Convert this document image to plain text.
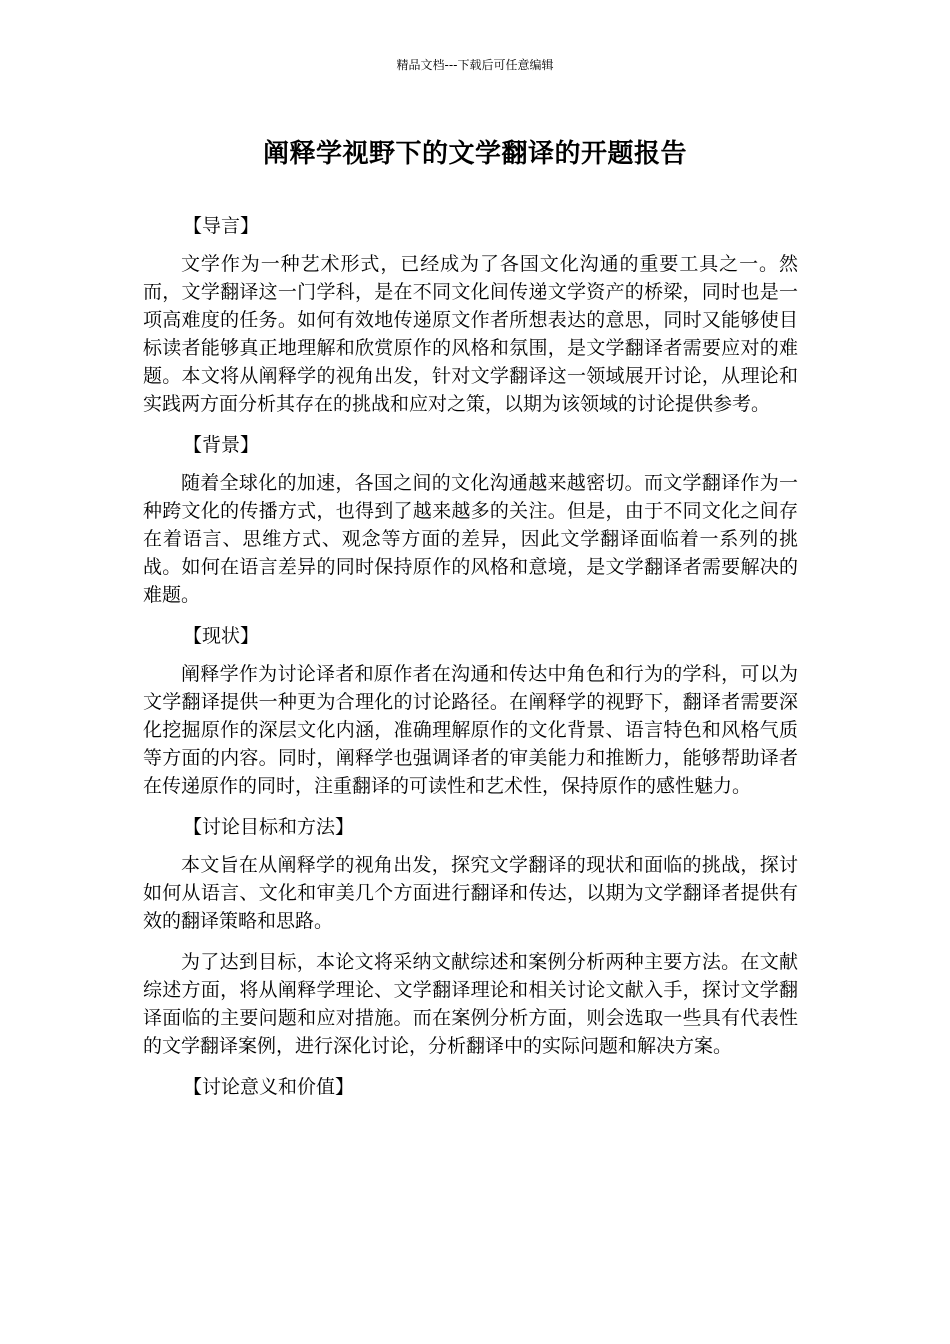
精品文档---下载后可任意编辑
阐释学视野下的文学翻译的开题报告
【导言】

文学作为一种艺术形式，已经成为了各国文化沟通的重要工具之一。然而，文学翻译这一门学科，是在不同文化间传递文学资产的桥梁，同时也是一项高难度的任务。如何有效地传递原文作者所想表达的意思，同时又能够使目标读者能够真正地理解和欣赏原作的风格和氛围，是文学翻译者需要应对的难题。本文将从阐释学的视角出发，针对文学翻译这一领域展开讨论，从理论和实践两方面分析其存在的挑战和应对之策，以期为该领域的讨论提供参考。

【背景】

随着全球化的加速，各国之间的文化沟通越来越密切。而文学翻译作为一种跨文化的传播方式，也得到了越来越多的关注。但是，由于不同文化之间存在着语言、思维方式、观念等方面的差异，因此文学翻译面临着一系列的挑战。如何在语言差异的同时保持原作的风格和意境，是文学翻译者需要解决的难题。

【现状】

阐释学作为讨论译者和原作者在沟通和传达中角色和行为的学科，可以为文学翻译提供一种更为合理化的讨论路径。在阐释学的视野下，翻译者需要深化挖掘原作的深层文化内涵，准确理解原作的文化背景、语言特色和风格气质等方面的内容。同时，阐释学也强调译者的审美能力和推断力，能够帮助译者在传递原作的同时，注重翻译的可读性和艺术性，保持原作的感性魅力。

【讨论目标和方法】

本文旨在从阐释学的视角出发，探究文学翻译的现状和面临的挑战，探讨如何从语言、文化和审美几个方面进行翻译和传达，以期为文学翻译者提供有效的翻译策略和思路。

为了达到目标，本论文将采纳文献综述和案例分析两种主要方法。在文献综述方面，将从阐释学理论、文学翻译理论和相关讨论文献入手，探讨文学翻译面临的主要问题和应对措施。而在案例分析方面，则会选取一些具有代表性的文学翻译案例，进行深化讨论，分析翻译中的实际问题和解决方案。

【讨论意义和价值】
